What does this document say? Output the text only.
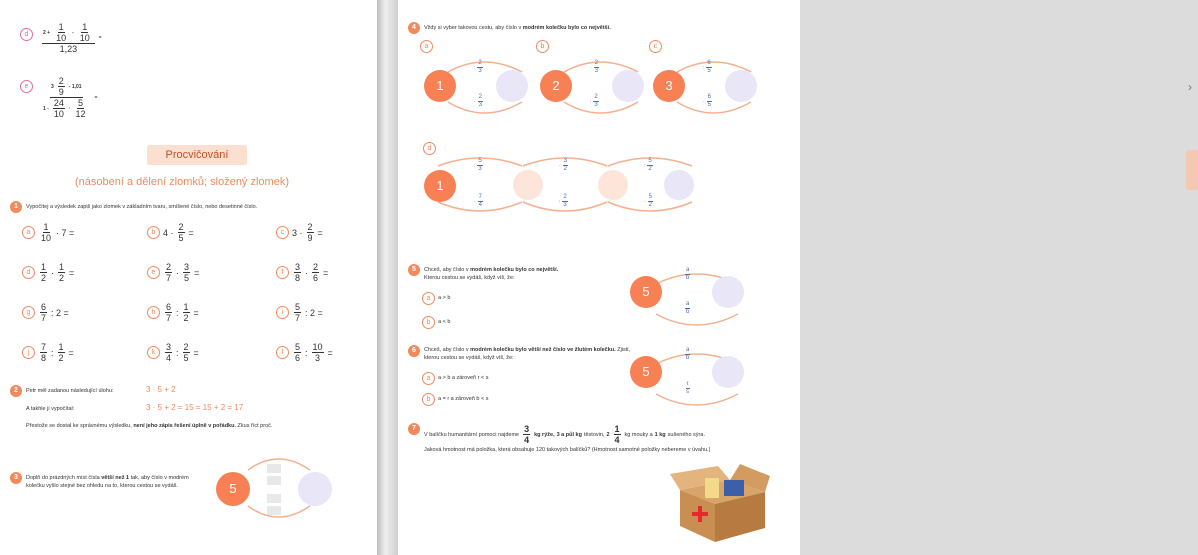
d	$\frac{2 + \frac{1}{10} - \frac{1}{10}}{1,23}$ =
e	$\frac{3 \frac{2}{9} - 1,01}{1 - \frac{24}{10} \cdot \frac{5}{12}}$ =
Procvičování
(násobení a dělení zlomků; složený zlomek)
1	Vypočítej a výsledek zapiš jako zlomek v základním tvaru, smíšené číslo, nebo desetinné číslo.
a	$\frac{1}{10} \cdot 7$ =	b $4 \cdot \frac{2}{5}$ =	c $3 \cdot \frac{2}{9}$ =
d	$\frac{1}{2} \cdot \frac{1}{2}$ =	e	$\frac{2}{7} \cdot \frac{3}{5}$ =	f	$\frac{3}{8} \cdot \frac{2}{6}$ =
g	$\frac{6}{7}$ : 2 =	h	$\frac{6}{7}$ : $\frac{1}{2}$ =	i	$\frac{5}{7}$ : 2 =
j	$\frac{7}{8}$ : $\frac{1}{2}$ =	k	$\frac{3}{4}$ : $\frac{2}{5}$ =	l	$\frac{5}{6}$ : $\frac{10}{3}$ =
2	Petr měl zadanou následující úlohu:	3 · 5 + 2
A takhle ji vypočítal:	3 · 5 + 2 = 15 = 15 + 2 = 17
Přestože se dostal ke správnému výsledku, není jeho zápis řešení úplně v pořádku. Zkus říct proč.
3	Doplň do prázdných míst čísla větší než 1 tak, aby číslo v modrém kolečku vyšlo stejné bez ohledu na to, kterou cestou se vydáš.	5
4	Vždy si vyber takovou cestu, aby číslo v modrém kolečku bylo co největší.
a
1
: $\frac{2}{3}$
· $\frac{2}{3}$
b
2
· $\frac{2}{3}$
: $\frac{2}{3}$
c
3
: $\frac{6}{5}$
· $\frac{6}{5}$
d
1
: $\frac{5}{3}$
· $\frac{7}{4}$
· $\frac{3}{2}$
: $\frac{2}{3}$
: $\frac{5}{2}$
· $\frac{5}{2}$
5	Chceš, aby číslo v modrém kolečku bylo co největší.
Kterou cestou se vydáš, když víš, že:
a	a > b
b	a < b
5
$\frac{a}{b}$
$\frac{a}{b}$
6	Chceš, aby číslo v modrém kolečku bylo větší než číslo ve žlutém kolečku. Zjisti, kterou cestou se vydáš, když víš, že:
a	a > b a zároveň r < s
b	a = r a zároveň b < s
5
$\frac{a}{b}$
$\frac{r}{s}$
7
V balíčku humanitární pomoci najdeme $\frac{3}{4}$ kg rýže, 3 a půl kg těstovin, $2 \frac{1}{4}$ kg mouky a 1 kg sušeného sýra.
Jaková hmotnost má položka, která obsahuje 120 takových balíčků? (Hmotnost samotné položky nebereme v úvahu.)
›
